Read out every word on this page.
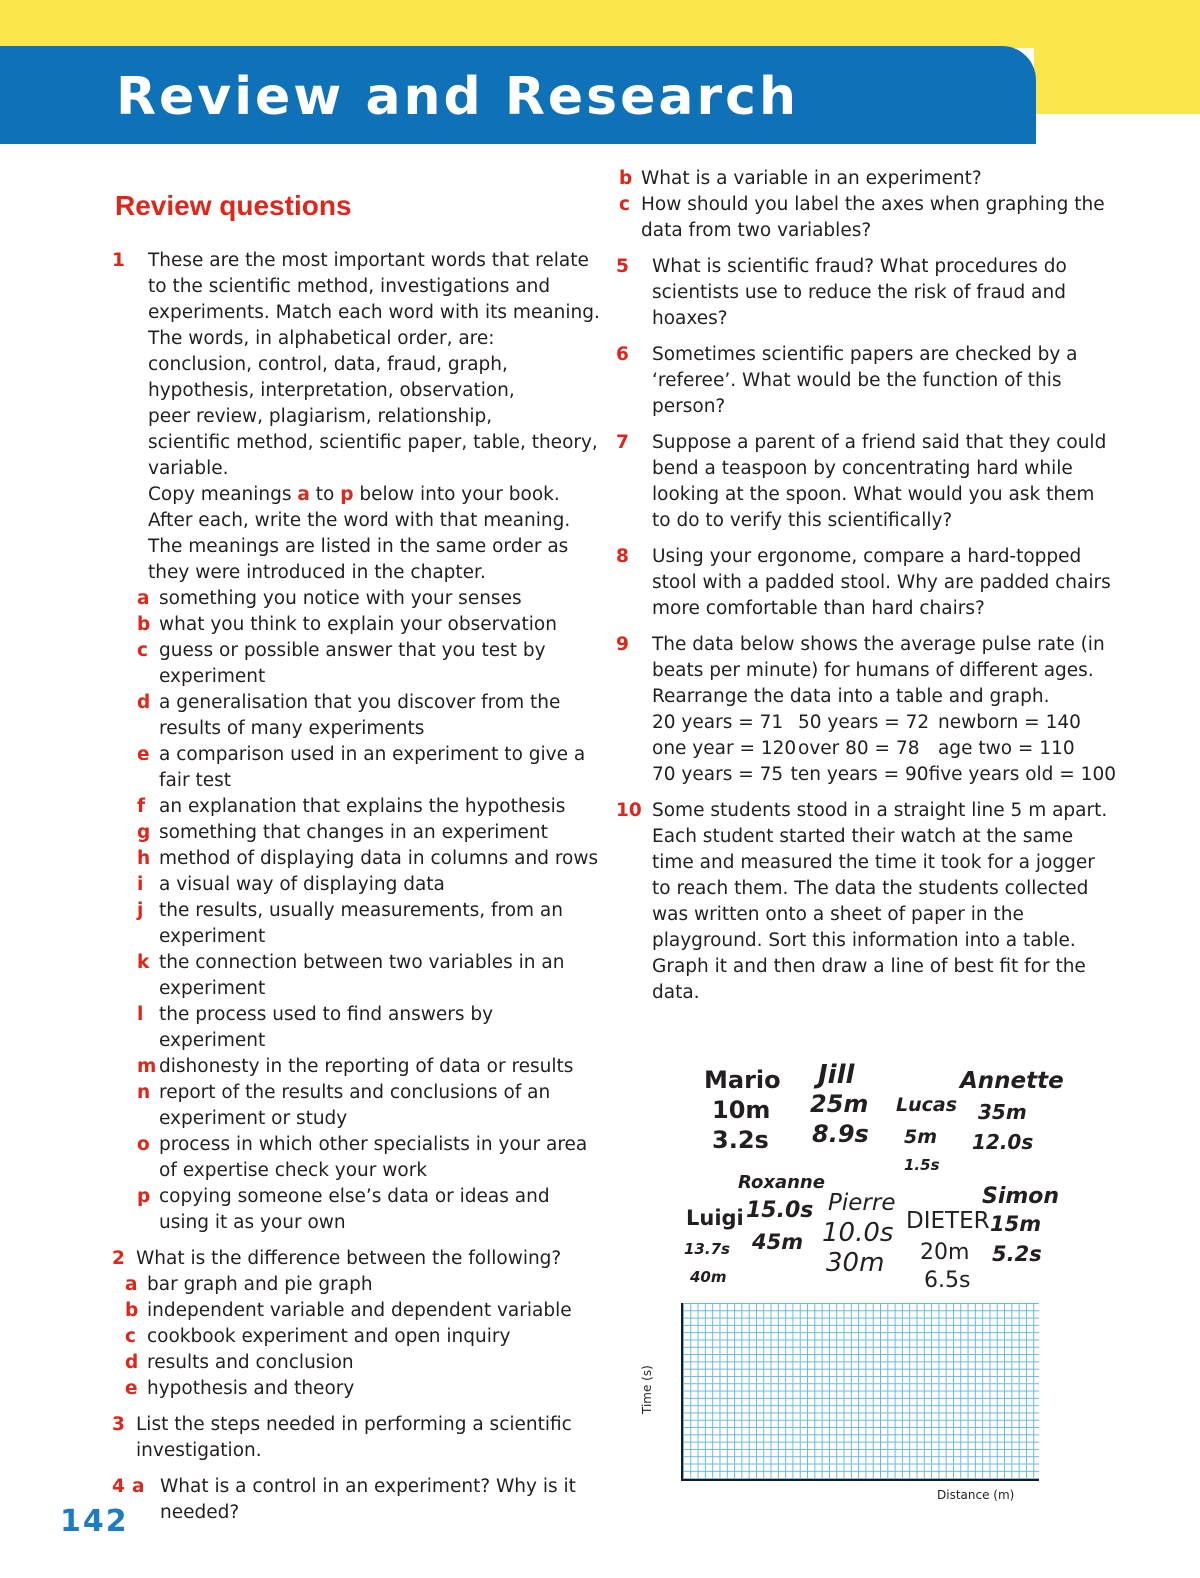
Review and Research
Review questions
1	These are the most important words that relate

to the scientific method, investigations and

experiments. Match each word with its meaning.

The words, in alphabetical order, are:

conclusion, control, data, fraud, graph,

hypothesis, interpretation, observation,

peer review, plagiarism, relationship,

scientific method, scientific paper, table, theory,

variable.

Copy meanings a to p below into your book.

After each, write the word with that meaning.

The meanings are listed in the same order as

they were introduced in the chapter.

a something you notice with your senses
b what you think to explain your observation
c guess or possible answer that you test by experiment
d a generalisation that you discover from the results of many experiments
e a comparison used in an experiment to give a fair test
f an explanation that explains the hypothesis
g something that changes in an experiment
h method of displaying data in columns and rows
i a visual way of displaying data
j the results, usually measurements, from an experiment
k the connection between two variables in an experiment
l the process used to find answers by experiment
m dishonesty in the reporting of data or results
n report of the results and conclusions of an experiment or study
o process in which other specialists in your area of expertise check your work
p copying someone else’s data or ideas and using it as your own
2 What is the difference between the following?

a bar graph and pie graph
b independent variable and dependent variable
c cookbook experiment and open inquiry
d results and conclusion
e hypothesis and theory
3 List the steps needed in performing a scientific investigation.

4 a What is a control in an experiment? Why is it needed?
b What is a variable in an experiment?
c How should you label the axes when graphing the data from two variables?
5	What is scientific fraud? What procedures do scientists use to reduce the risk of fraud and hoaxes?

6	Sometimes scientific papers are checked by a ‘referee’. What would be the function of this person?

7	Suppose a parent of a friend said that they could bend a teaspoon by concentrating hard while looking at the spoon. What would you ask them to do to verify this scientifically?

8	Using your ergonome, compare a hard-topped stool with a padded stool. Why are padded chairs more comfortable than hard chairs?

9	The data below shows the average pulse rate (in beats per minute) for humans of different ages. Rearrange the data into a table and graph.

20 years = 71 50 years = 72 newborn = 140
one year = 120 over 80 = 78	age two = 110
70 years = 75 ten years = 90 five years old = 100
10 Some students stood in a straight line 5 m apart. Each student started their watch at the same time and measured the time it took for a jogger to reach them. The data the students collected was written onto a sheet of paper in the playground. Sort this information into a table. Graph it and then draw a line of best fit for the data.

Mario
10m
3.2s
Jill
25m
8.9s
Lucas
5m
1.5s
Annette
35m
12.0s
Roxanne
15.0s
45m
Luigi
13.7s
40m
Pierre
10.0s
30m
DIETER
20m
6.5s
Simon
15m
5.2s
Time (s)
Distance (m)
142
